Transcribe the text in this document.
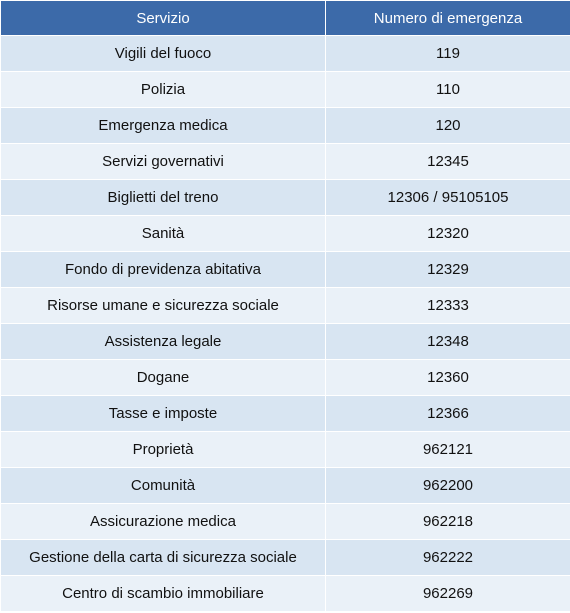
Servizio	Numero di emergenza
Vigili del fuoco	119
Polizia	110
Emergenza medica	120
Servizi governativi	12345
Biglietti del treno	12306 / 95105105
Sanità	12320
Fondo di previdenza abitativa	12329
Risorse umane e sicurezza sociale	12333
Assistenza legale	12348
Dogane	12360
Tasse e imposte	12366
Proprietà	962121
Comunità	962200
Assicurazione medica	962218
Gestione della carta di sicurezza sociale	962222
Centro di scambio immobiliare	962269
